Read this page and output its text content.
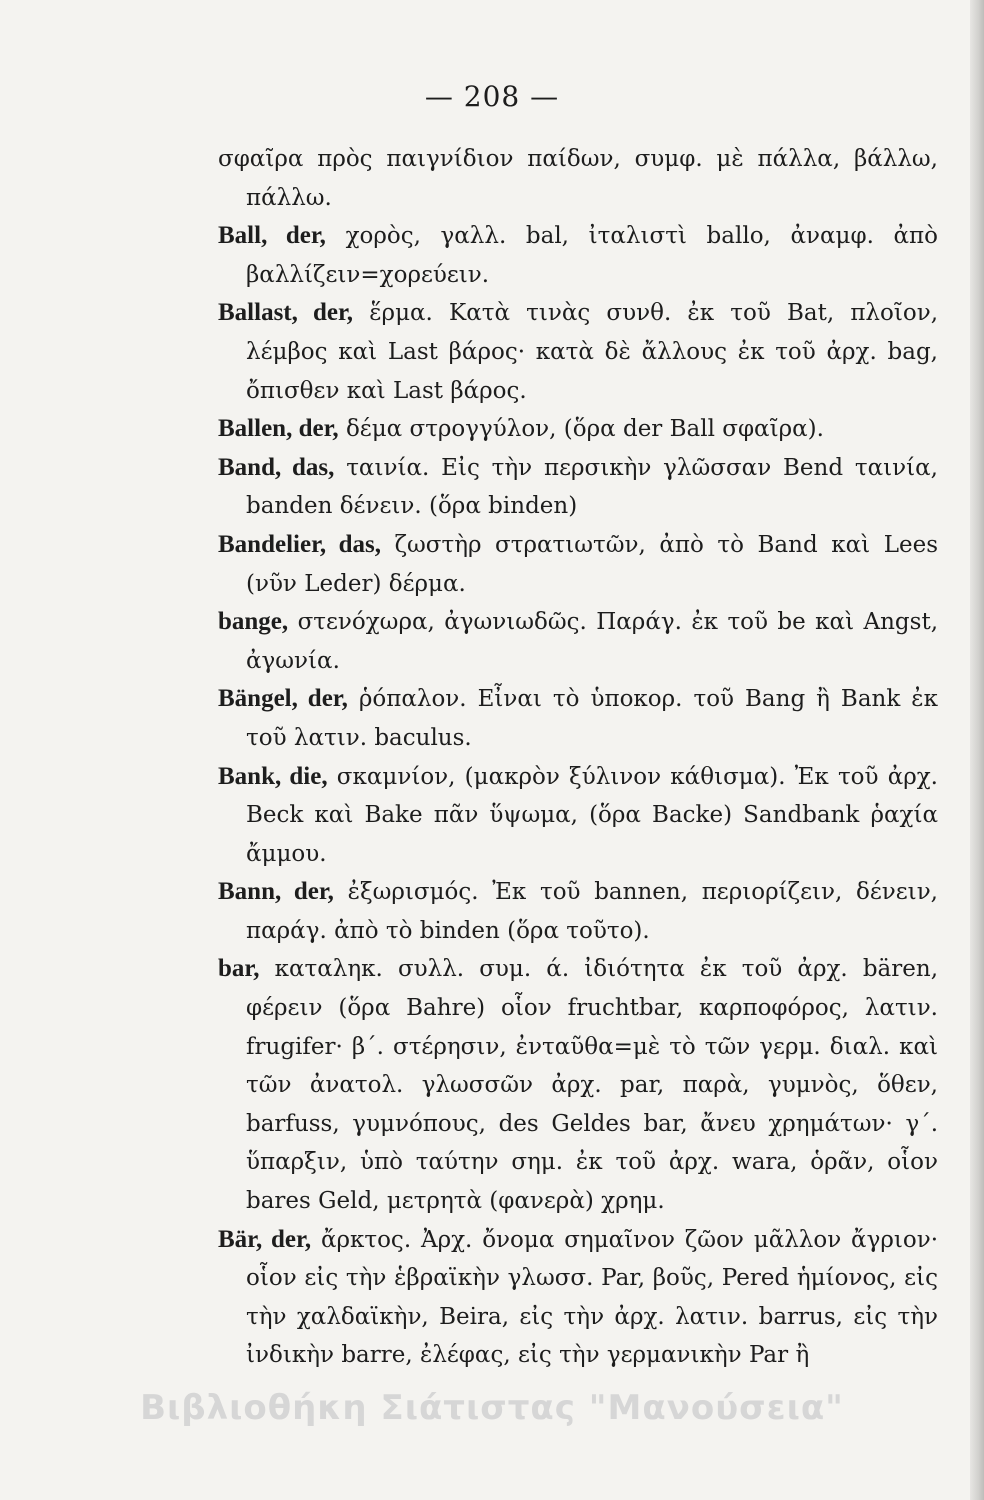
— 208 —

σφαῖρα πρὸς παιγνίδιον παίδων, συμφ. μὲ πάλλα, βάλλω, πάλλω.

Ball, der, χορὸς, γαλλ. bal, ἰταλιστὶ ballo, ἀναμφ. ἀπὸ βαλλίζειν=χορεύειν.

Ballast, der, ἕρμα. Κατὰ τινὰς συνθ. ἐκ τοῦ Bat, πλοῖον, λέμβος καὶ Last βάρος· κατὰ δὲ ἄλλους ἐκ τοῦ ἀρχ. bag, ὄπισθεν καὶ Last βάρος.

Ballen, der, δέμα στρογγύλον, (ὅρα der Ball σφαῖρα).

Band, das, ταινία. Εἰς τὴν περσικὴν γλῶσσαν Bend ταινία, banden δένειν. (ὅρα binden)

Bandelier, das, ζωστὴρ στρατιωτῶν, ἀπὸ τὸ Band καὶ Lees (νῦν Leder) δέρμα.

bange, στενόχωρα, ἀγωνιωδῶς. Παράγ. ἐκ τοῦ be καὶ Angst, ἀγωνία.

Bängel, der, ῥόπαλον. Εἶναι τὸ ὑποκορ. τοῦ Bang ἢ Bank ἐκ τοῦ λατιν. baculus.

Bank, die, σκαμνίον, (μακρὸν ξύλινον κάθισμα). Ἐκ τοῦ ἀρχ. Beck καὶ Bake πᾶν ὕψωμα, (ὅρα Backe) Sandbank ῥαχία ἄμμου.

Bann, der, ἐξωρισμός. Ἐκ τοῦ bannen, περιορίζειν, δένειν, παράγ. ἀπὸ τὸ binden (ὅρα τοῦτο).

bar, καταληκ. συλλ. συμ. ά. ἰδιότητα ἐκ τοῦ ἀρχ. bären, φέρειν (ὅρα Bahre) οἷον fruchtbar, καρποφόρος, λατιν. frugifer· β΄. στέρησιν, ἐνταῦθα=μὲ τὸ τῶν γερμ. διαλ. καὶ τῶν ἀνατολ. γλωσσῶν ἀρχ. par, παρὰ, γυμνὸς, ὅθεν, barfuss, γυμνόπους, des Geldes bar, ἄνευ χρημάτων· γ΄. ὕπαρξιν, ὑπὸ ταύτην σημ. ἐκ τοῦ ἀρχ. wara, ὁρᾶν, οἷον bares Geld, μετρητὰ (φανερὰ) χρημ.

Bär, der, ἄρκτος. Ἀρχ. ὄνομα σημαῖνον ζῶον μᾶλλον ἄγριον· οἷον εἰς τὴν ἑβραϊκὴν γλωσσ. Par, βοῦς, Pered ἡμίονος, εἰς τὴν χαλδαϊκὴν, Beira, εἰς τὴν ἀρχ. λατιν. barrus, εἰς τὴν ἰνδικὴν barre, ἐλέφας, εἰς τὴν γερμανικὴν Par ἢ

Βιβλιοθήκη Σιάτιστας "Μανούσεια"
